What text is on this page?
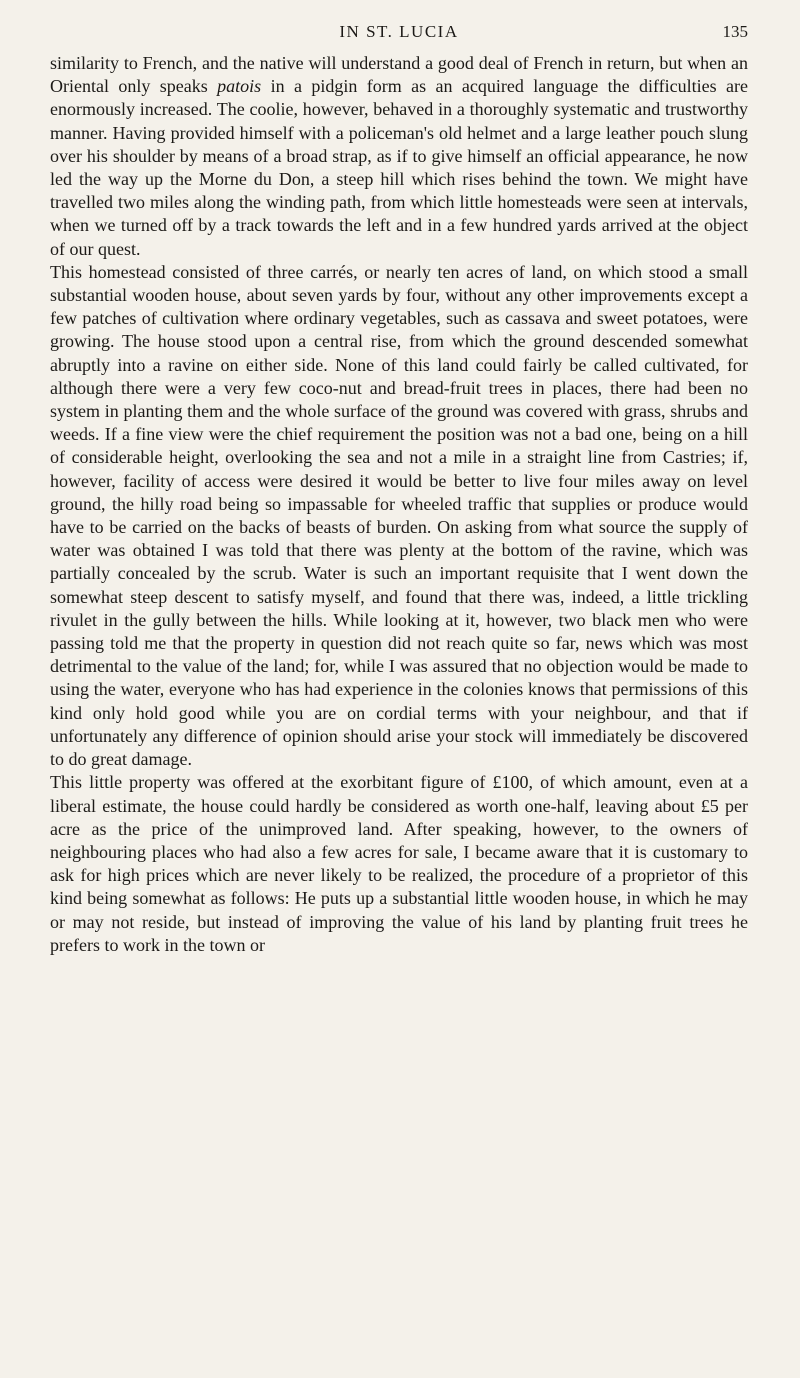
IN ST. LUCIA	135

similarity to French, and the native will understand a good deal of French in return, but when an Oriental only speaks patois in a pidgin form as an acquired language the difficulties are enormously increased. The coolie, however, behaved in a thoroughly systematic and trustworthy manner. Having provided himself with a policeman's old helmet and a large leather pouch slung over his shoulder by means of a broad strap, as if to give himself an official appearance, he now led the way up the Morne du Don, a steep hill which rises behind the town. We might have travelled two miles along the winding path, from which little homesteads were seen at intervals, when we turned off by a track towards the left and in a few hundred yards arrived at the object of our quest.

This homestead consisted of three carrés, or nearly ten acres of land, on which stood a small substantial wooden house, about seven yards by four, without any other improvements except a few patches of cultivation where ordinary vegetables, such as cassava and sweet potatoes, were growing. The house stood upon a central rise, from which the ground descended somewhat abruptly into a ravine on either side. None of this land could fairly be called cultivated, for although there were a very few coco-nut and bread-fruit trees in places, there had been no system in planting them and the whole surface of the ground was covered with grass, shrubs and weeds. If a fine view were the chief requirement the position was not a bad one, being on a hill of considerable height, overlooking the sea and not a mile in a straight line from Castries; if, however, facility of access were desired it would be better to live four miles away on level ground, the hilly road being so impassable for wheeled traffic that supplies or produce would have to be carried on the backs of beasts of burden. On asking from what source the supply of water was obtained I was told that there was plenty at the bottom of the ravine, which was partially concealed by the scrub. Water is such an important requisite that I went down the somewhat steep descent to satisfy myself, and found that there was, indeed, a little trickling rivulet in the gully between the hills. While looking at it, however, two black men who were passing told me that the property in question did not reach quite so far, news which was most detrimental to the value of the land; for, while I was assured that no objection would be made to using the water, everyone who has had experience in the colonies knows that permissions of this kind only hold good while you are on cordial terms with your neighbour, and that if unfortunately any difference of opinion should arise your stock will immediately be discovered to do great damage.

This little property was offered at the exorbitant figure of £100, of which amount, even at a liberal estimate, the house could hardly be considered as worth one-half, leaving about £5 per acre as the price of the unimproved land. After speaking, however, to the owners of neighbouring places who had also a few acres for sale, I became aware that it is customary to ask for high prices which are never likely to be realized, the procedure of a proprietor of this kind being somewhat as follows: He puts up a substantial little wooden house, in which he may or may not reside, but instead of improving the value of his land by planting fruit trees he prefers to work in the town or
